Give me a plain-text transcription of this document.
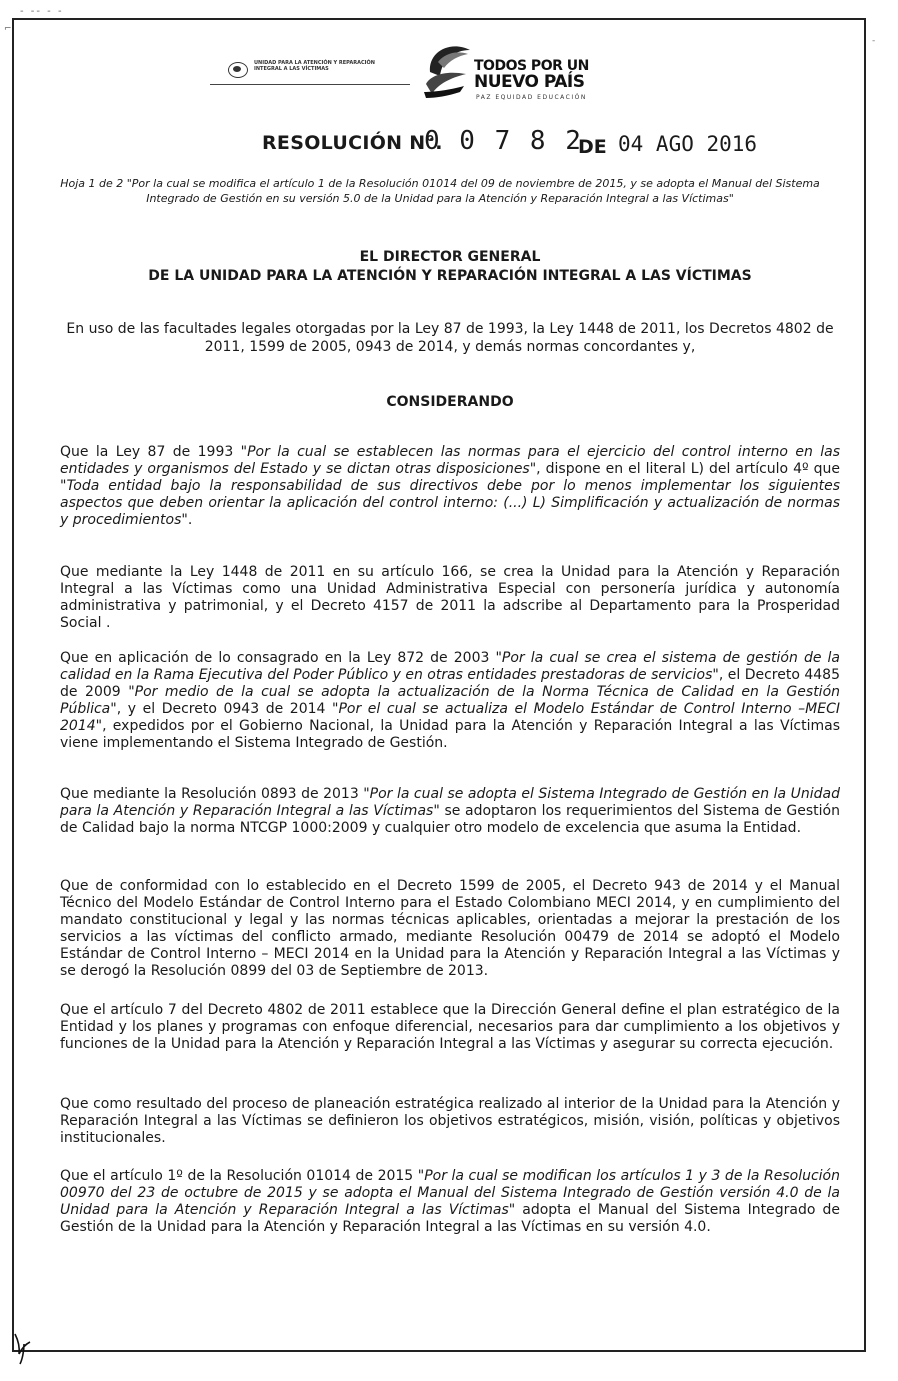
- -- - -
⌐
-
UNIDAD PARA LA ATENCIÓN Y REPARACIÓN INTEGRAL A LAS VÍCTIMAS	TODOS POR UN
NUEVO PAÍS
PAZ EQUIDAD EDUCACIÓN
RESOLUCIÓN N°.
0 0 7 8 2
DE 04 AGO 2016
Hoja 1 de 2 "Por la cual se modifica el artículo 1 de la Resolución 01014 del 09 de noviembre de 2015, y se adopta el Manual del Sistema Integrado de Gestión en su versión 5.0 de la Unidad para la Atención y Reparación Integral a las Víctimas"
EL DIRECTOR GENERAL
DE LA UNIDAD PARA LA ATENCIÓN Y REPARACIÓN INTEGRAL A LAS VÍCTIMAS
En uso de las facultades legales otorgadas por la Ley 87 de 1993, la Ley 1448 de 2011, los Decretos 4802 de 2011, 1599 de 2005, 0943 de 2014, y demás normas concordantes y,
CONSIDERANDO
Que la Ley 87 de 1993 "Por la cual se establecen las normas para el ejercicio del control interno en las entidades y organismos del Estado y se dictan otras disposiciones", dispone en el literal L) del artículo 4º que "Toda entidad bajo la responsabilidad de sus directivos debe por lo menos implementar los siguientes aspectos que deben orientar la aplicación del control interno: (...) L) Simplificación y actualización de normas y procedimientos".
Que mediante la Ley 1448 de 2011 en su artículo 166, se crea la Unidad para la Atención y Reparación Integral a las Víctimas como una Unidad Administrativa Especial con personería jurídica y autonomía administrativa y patrimonial, y el Decreto 4157 de 2011 la adscribe al Departamento para la Prosperidad Social .
Que en aplicación de lo consagrado en la Ley 872 de 2003 "Por la cual se crea el sistema de gestión de la calidad en la Rama Ejecutiva del Poder Público y en otras entidades prestadoras de servicios", el Decreto 4485 de 2009 "Por medio de la cual se adopta la actualización de la Norma Técnica de Calidad en la Gestión Pública", y el Decreto 0943 de 2014 "Por el cual se actualiza el Modelo Estándar de Control Interno –MECI 2014", expedidos por el Gobierno Nacional, la Unidad para la Atención y Reparación Integral a las Víctimas viene implementando el Sistema Integrado de Gestión.
Que mediante la Resolución 0893 de 2013 "Por la cual se adopta el Sistema Integrado de Gestión en la Unidad para la Atención y Reparación Integral a las Víctimas" se adoptaron los requerimientos del Sistema de Gestión de Calidad bajo la norma NTCGP 1000:2009 y cualquier otro modelo de excelencia que asuma la Entidad.
Que de conformidad con lo establecido en el Decreto 1599 de 2005, el Decreto 943 de 2014 y el Manual Técnico del Modelo Estándar de Control Interno para el Estado Colombiano MECI 2014, y en cumplimiento del mandato constitucional y legal y las normas técnicas aplicables, orientadas a mejorar la prestación de los servicios a las víctimas del conflicto armado, mediante Resolución 00479 de 2014 se adoptó el Modelo Estándar de Control Interno – MECI 2014 en la Unidad para la Atención y Reparación Integral a las Víctimas y se derogó la Resolución 0899 del 03 de Septiembre de 2013.
Que el artículo 7 del Decreto 4802 de 2011 establece que la Dirección General define el plan estratégico de la Entidad y los planes y programas con enfoque diferencial, necesarios para dar cumplimiento a los objetivos y funciones de la Unidad para la Atención y Reparación Integral a las Víctimas y asegurar su correcta ejecución.
Que como resultado del proceso de planeación estratégica realizado al interior de la Unidad para la Atención y Reparación Integral a las Víctimas se definieron los objetivos estratégicos, misión, visión, políticas y objetivos institucionales.
Que el artículo 1º de la Resolución 01014 de 2015 "Por la cual se modifican los artículos 1 y 3 de la Resolución 00970 del 23 de octubre de 2015 y se adopta el Manual del Sistema Integrado de Gestión versión 4.0 de la Unidad para la Atención y Reparación Integral a las Víctimas" adopta el Manual del Sistema Integrado de Gestión de la Unidad para la Atención y Reparación Integral a las Víctimas en su versión 4.0.
